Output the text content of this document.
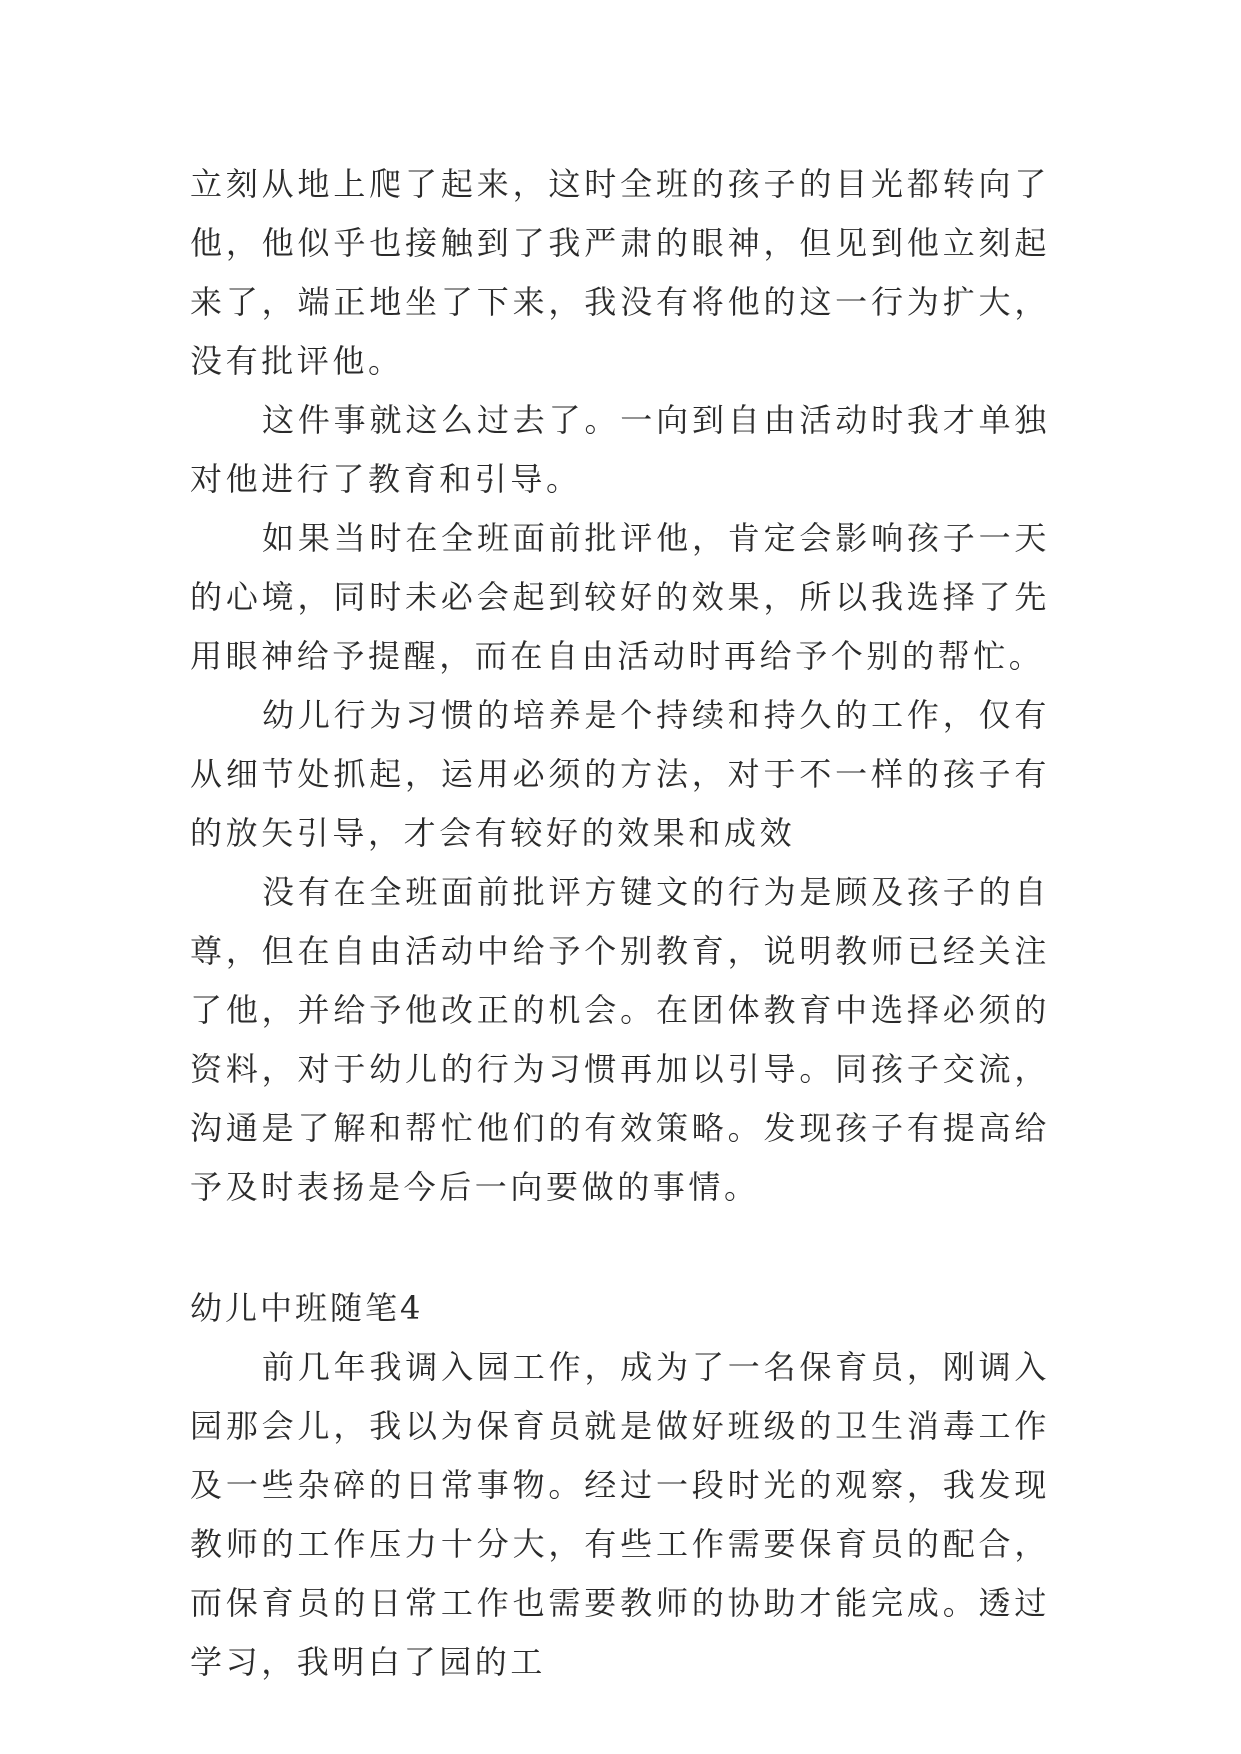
立刻从地上爬了起来，这时全班的孩子的目光都转向了他，他似乎也接触到了我严肃的眼神，但见到他立刻起来了，端正地坐了下来，我没有将他的这一行为扩大，没有批评他。

这件事就这么过去了。一向到自由活动时我才单独对他进行了教育和引导。

如果当时在全班面前批评他，肯定会影响孩子一天的心境，同时未必会起到较好的效果，所以我选择了先用眼神给予提醒，而在自由活动时再给予个别的帮忙。

幼儿行为习惯的培养是个持续和持久的工作，仅有从细节处抓起，运用必须的方法，对于不一样的孩子有的放矢引导，才会有较好的效果和成效

没有在全班面前批评方键文的行为是顾及孩子的自尊，但在自由活动中给予个别教育，说明教师已经关注了他，并给予他改正的机会。在团体教育中选择必须的资料，对于幼儿的行为习惯再加以引导。同孩子交流，沟通是了解和帮忙他们的有效策略。发现孩子有提高给予及时表扬是今后一向要做的事情。

幼儿中班随笔4

前几年我调入园工作，成为了一名保育员，刚调入园那会儿，我以为保育员就是做好班级的卫生消毒工作及一些杂碎的日常事物。经过一段时光的观察，我发现教师的工作压力十分大，有些工作需要保育员的配合，而保育员的日常工作也需要教师的协助才能完成。透过学习，我明白了园的工
